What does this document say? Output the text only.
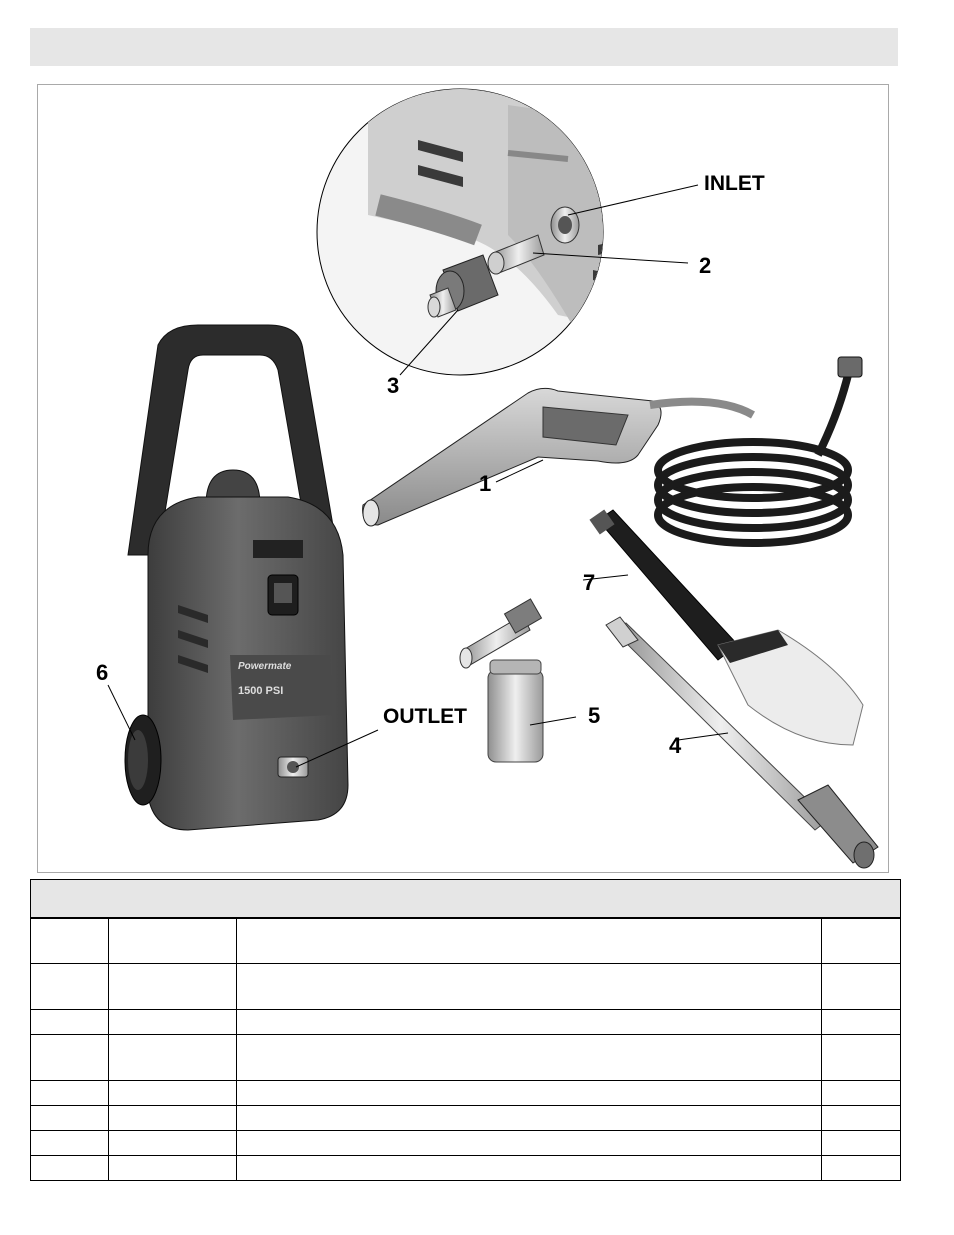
INLET
2
3
1
7
6
OUTLET	5
4
Powermate
1500 PSI
